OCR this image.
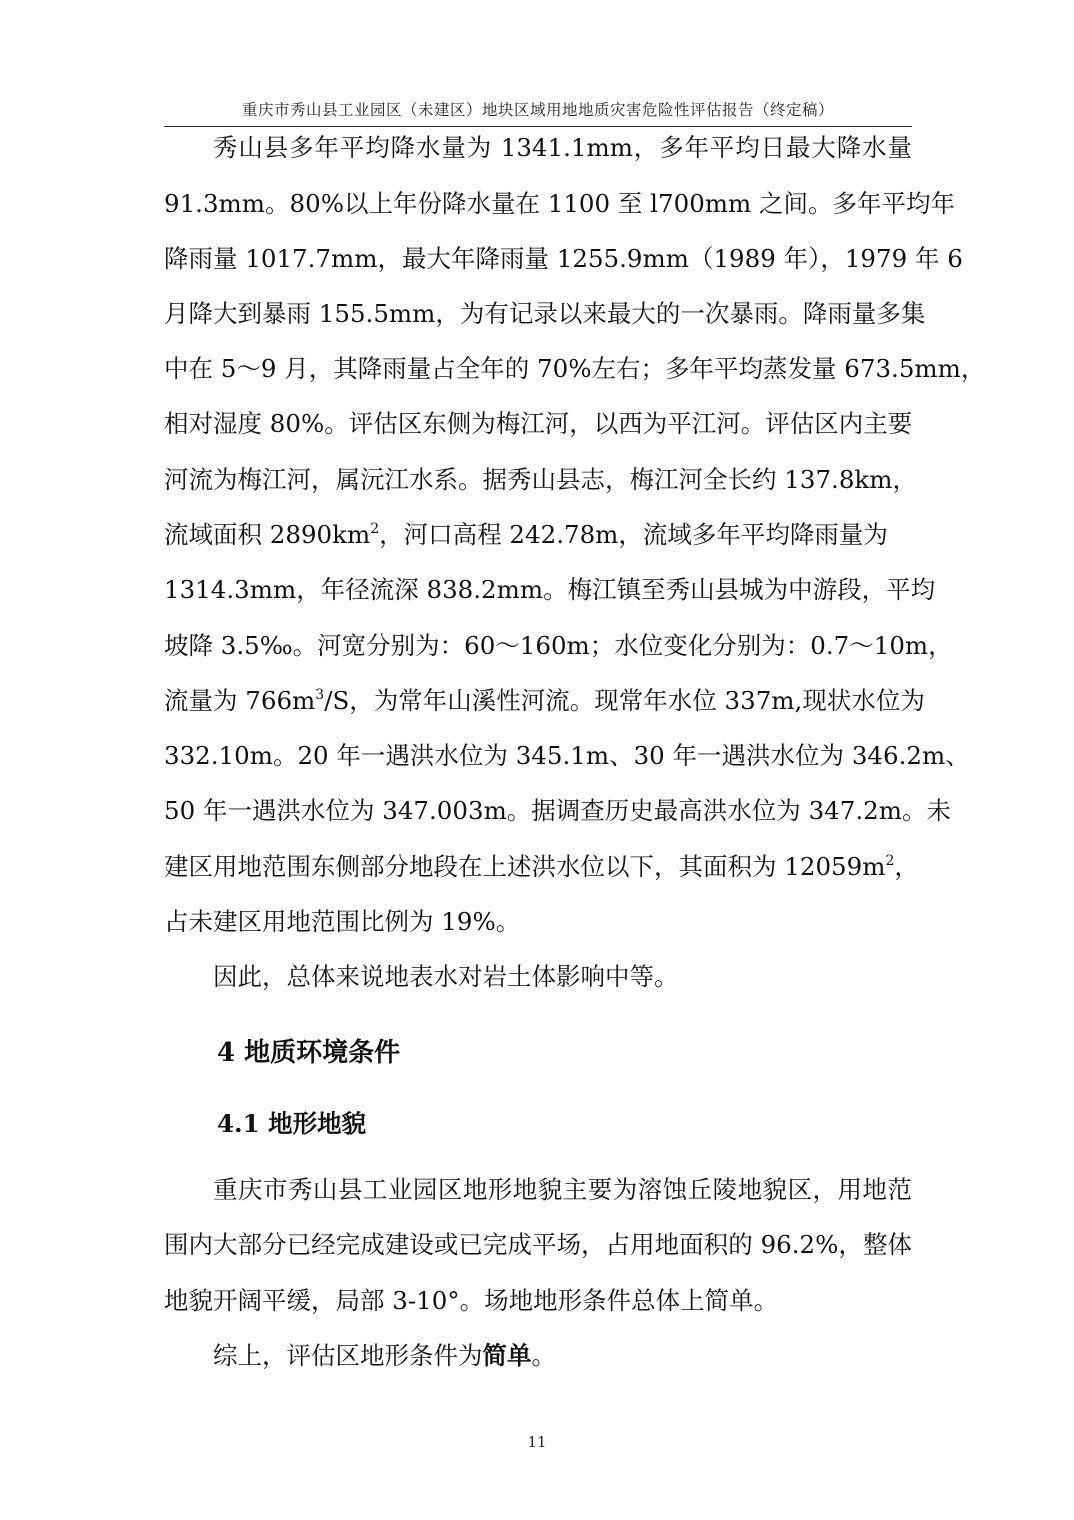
重庆市秀山县工业园区（未建区）地块区域用地地质灾害危险性评估报告（终定稿）
秀山县多年平均降水量为 1341.1mm，多年平均日最大降水量
91.3mm。80%以上年份降水量在 1100 至 l700mm 之间。多年平均年
降雨量 1017.7mm，最大年降雨量 1255.9mm（1989 年），1979 年 6
月降大到暴雨 155.5mm，为有记录以来最大的一次暴雨。降雨量多集
中在 5～9 月，其降雨量占全年的 70%左右；多年平均蒸发量 673.5mm，
相对湿度 80%。评估区东侧为梅江河，以西为平江河。评估区内主要
河流为梅江河，属沅江水系。据秀山县志，梅江河全长约 137.8km，
流域面积 $2890km^2$，河口高程 242.78m，流域多年平均降雨量为
1314.3mm，年径流深 838.2mm。梅江镇至秀山县城为中游段，平均
坡降 3.5‰。河宽分别为：60～160m；水位变化分别为：0.7～10m，
流量为 $766m^3/S$，为常年山溪性河流。现常年水位 337m,现状水位为
332.10m。20 年一遇洪水位为 345.1m、30 年一遇洪水位为 346.2m、
50 年一遇洪水位为 347.003m。据调查历史最高洪水位为 347.2m。未
建区用地范围东侧部分地段在上述洪水位以下，其面积为 $12059m^2$，
占未建区用地范围比例为 19%。
因此，总体来说地表水对岩土体影响中等。
4 地质环境条件
4.1 地形地貌
重庆市秀山县工业园区地形地貌主要为溶蚀丘陵地貌区，用地范
围内大部分已经完成建设或已完成平场，占用地面积的 96.2%，整体
地貌开阔平缓，局部 3-10°。场地地形条件总体上简单。
综上，评估区地形条件为简单。
11
